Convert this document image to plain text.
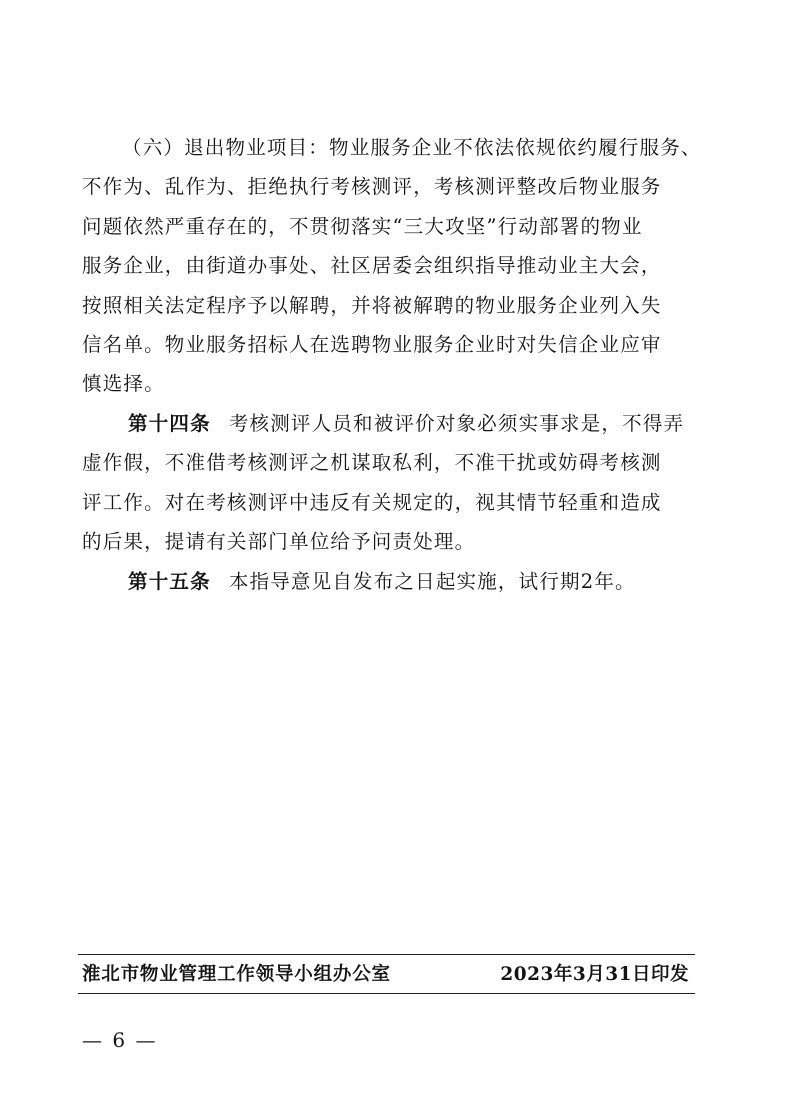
（六）退出物业项目：物业服务企业不依法依规依约履行服务、
不作为、乱作为、拒绝执行考核测评，考核测评整改后物业服务
问题依然严重存在的，不贯彻落实“三大攻坚”行动部署的物业
服务企业，由街道办事处、社区居委会组织指导推动业主大会，
按照相关法定程序予以解聘，并将被解聘的物业服务企业列入失
信名单。物业服务招标人在选聘物业服务企业时对失信企业应审
慎选择。
第十四条 考核测评人员和被评价对象必须实事求是，不得弄
虚作假，不准借考核测评之机谋取私利，不准干扰或妨碍考核测
评工作。对在考核测评中违反有关规定的，视其情节轻重和造成
的后果，提请有关部门单位给予问责处理。
第十五条 本指导意见自发布之日起实施，试行期2年。
淮北市物业管理工作领导小组办公室	2023年3月31日印发
— 6 —
